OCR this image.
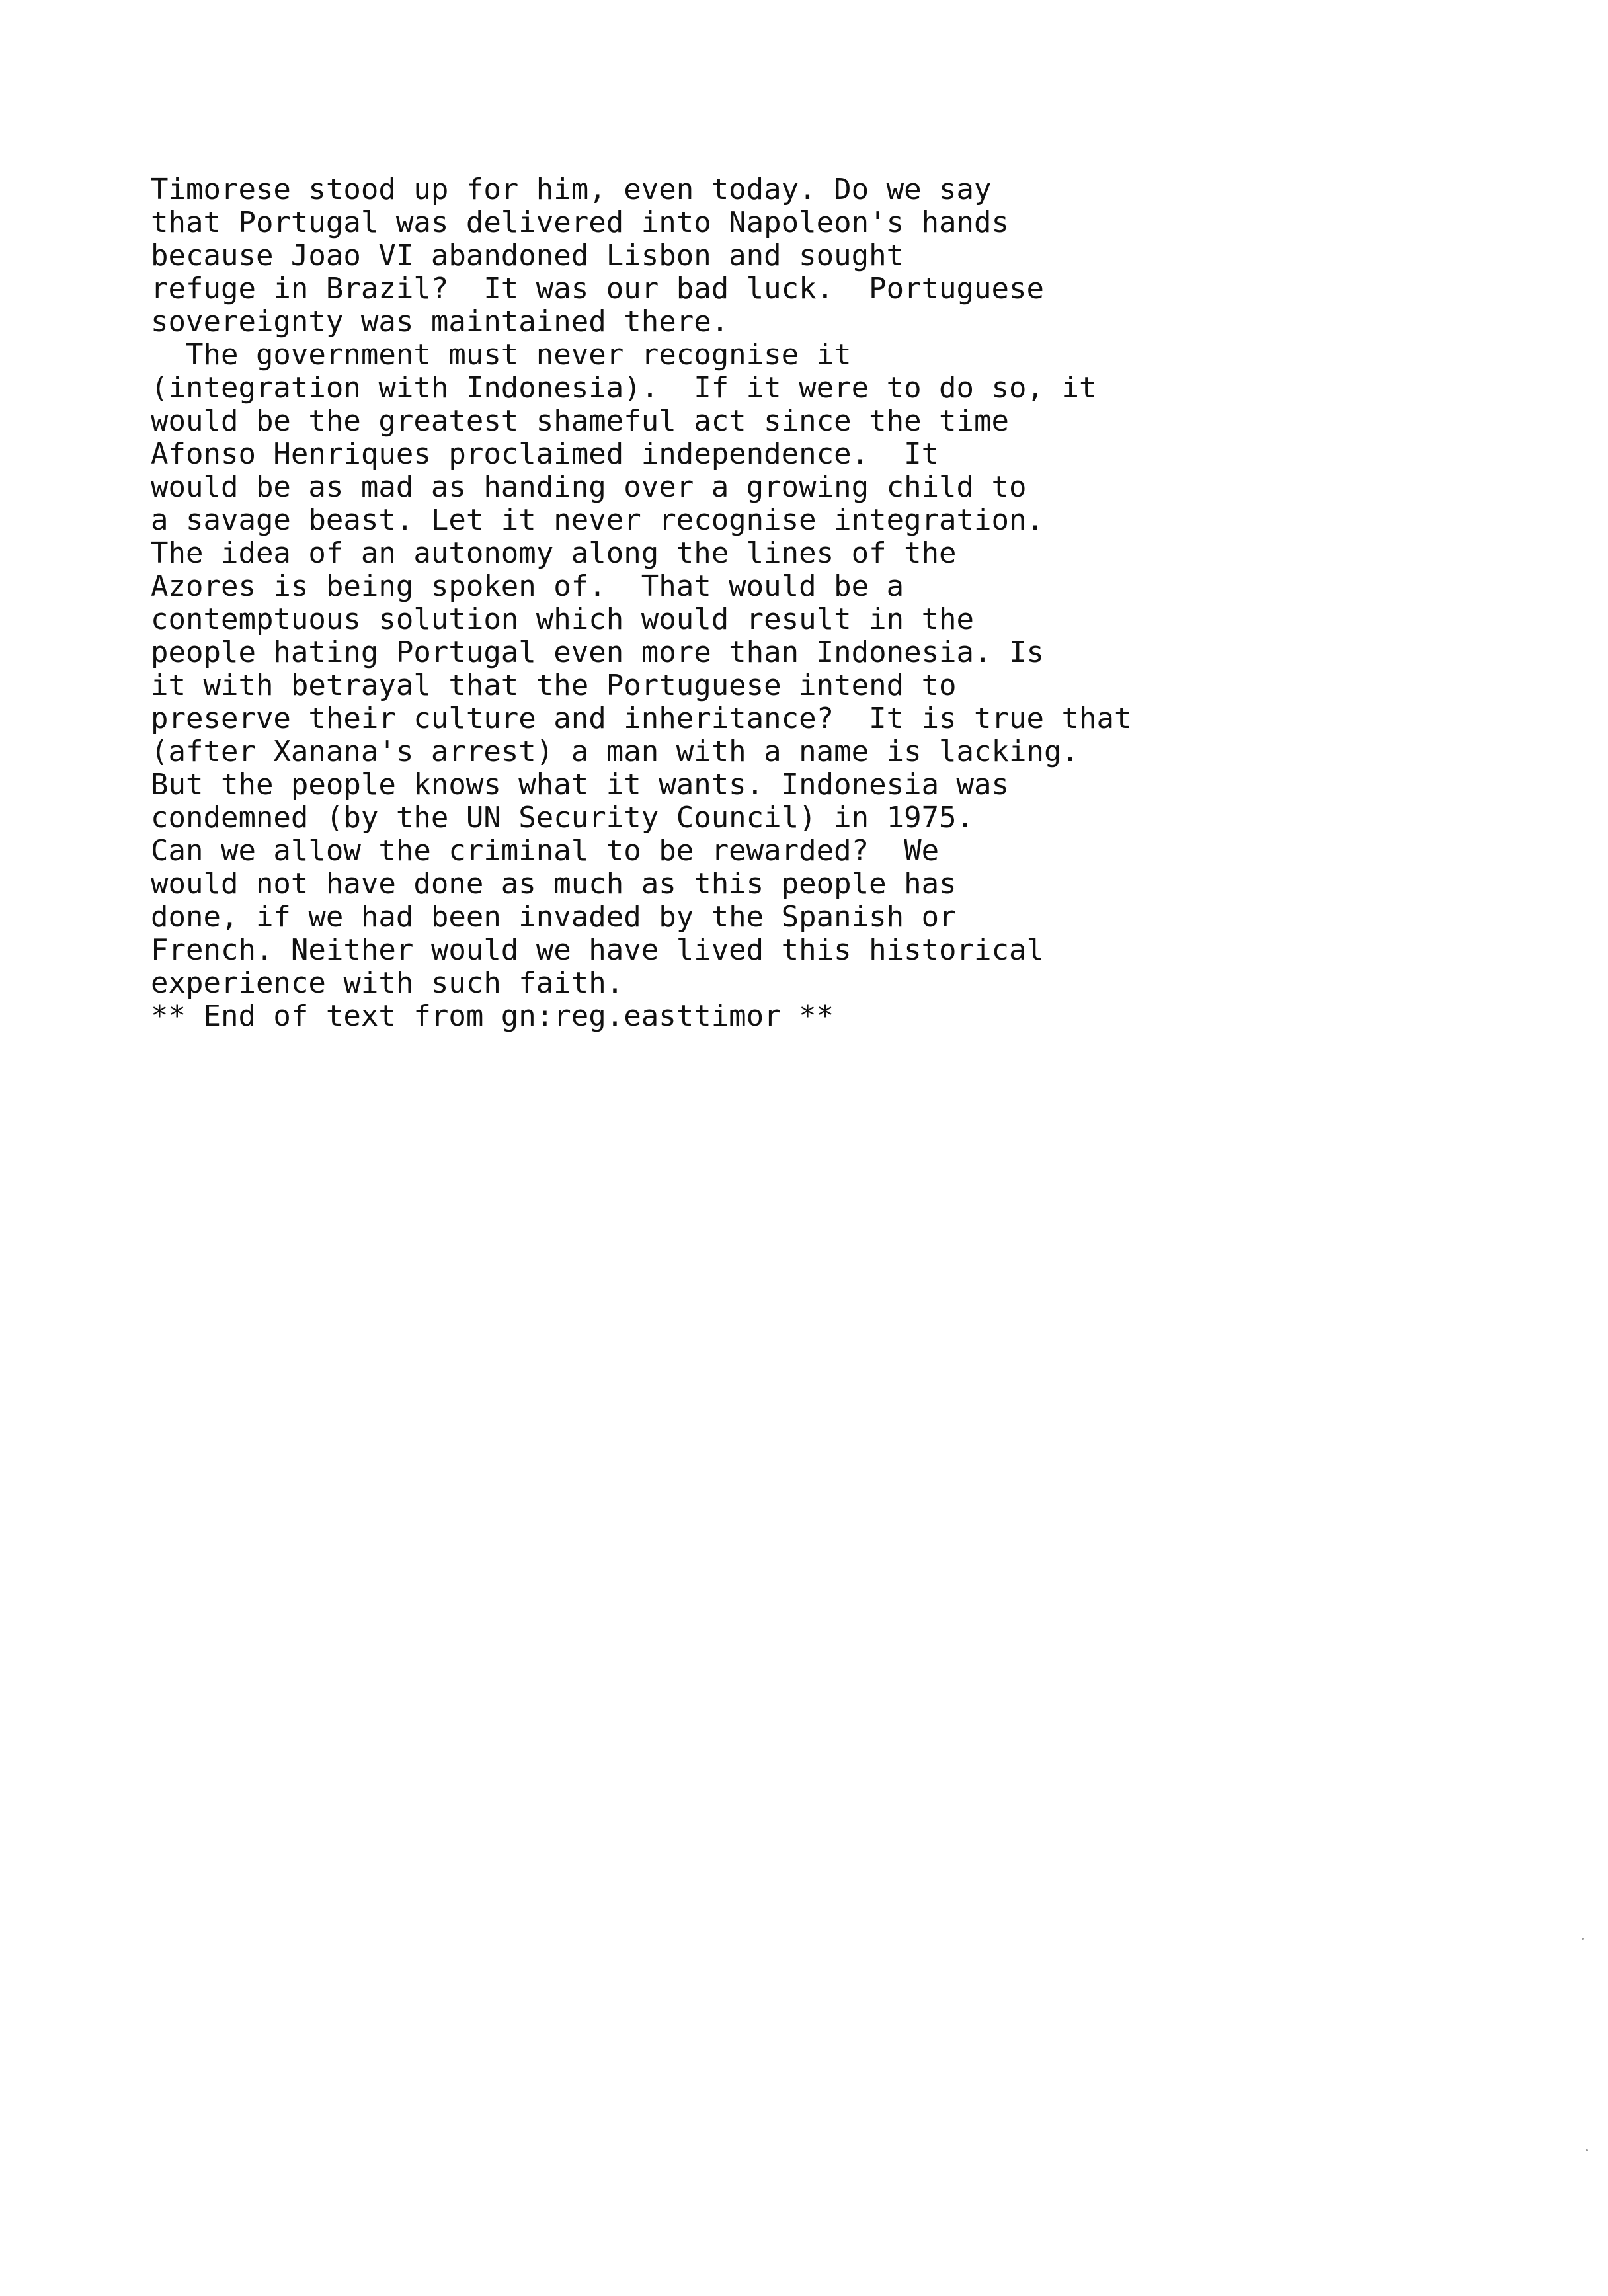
Timorese stood up for him, even today. Do we say
that Portugal was delivered into Napoleon's hands
because Joao VI abandoned Lisbon and sought
refuge in Brazil?  It was our bad luck.  Portuguese
sovereignty was maintained there.
The government must never recognise it
(integration with Indonesia).  If it were to do so, it
would be the greatest shameful act since the time
Afonso Henriques proclaimed independence.  It
would be as mad as handing over a growing child to
a savage beast. Let it never recognise integration.
The idea of an autonomy along the lines of the
Azores is being spoken of.  That would be a
contemptuous solution which would result in the
people hating Portugal even more than Indonesia. Is
it with betrayal that the Portuguese intend to
preserve their culture and inheritance?  It is true that
(after Xanana's arrest) a man with a name is lacking.
But the people knows what it wants. Indonesia was
condemned (by the UN Security Council) in 1975.
Can we allow the criminal to be rewarded?  We
would not have done as much as this people has
done, if we had been invaded by the Spanish or
French. Neither would we have lived this historical
experience with such faith.
** End of text from gn:reg.easttimor **
